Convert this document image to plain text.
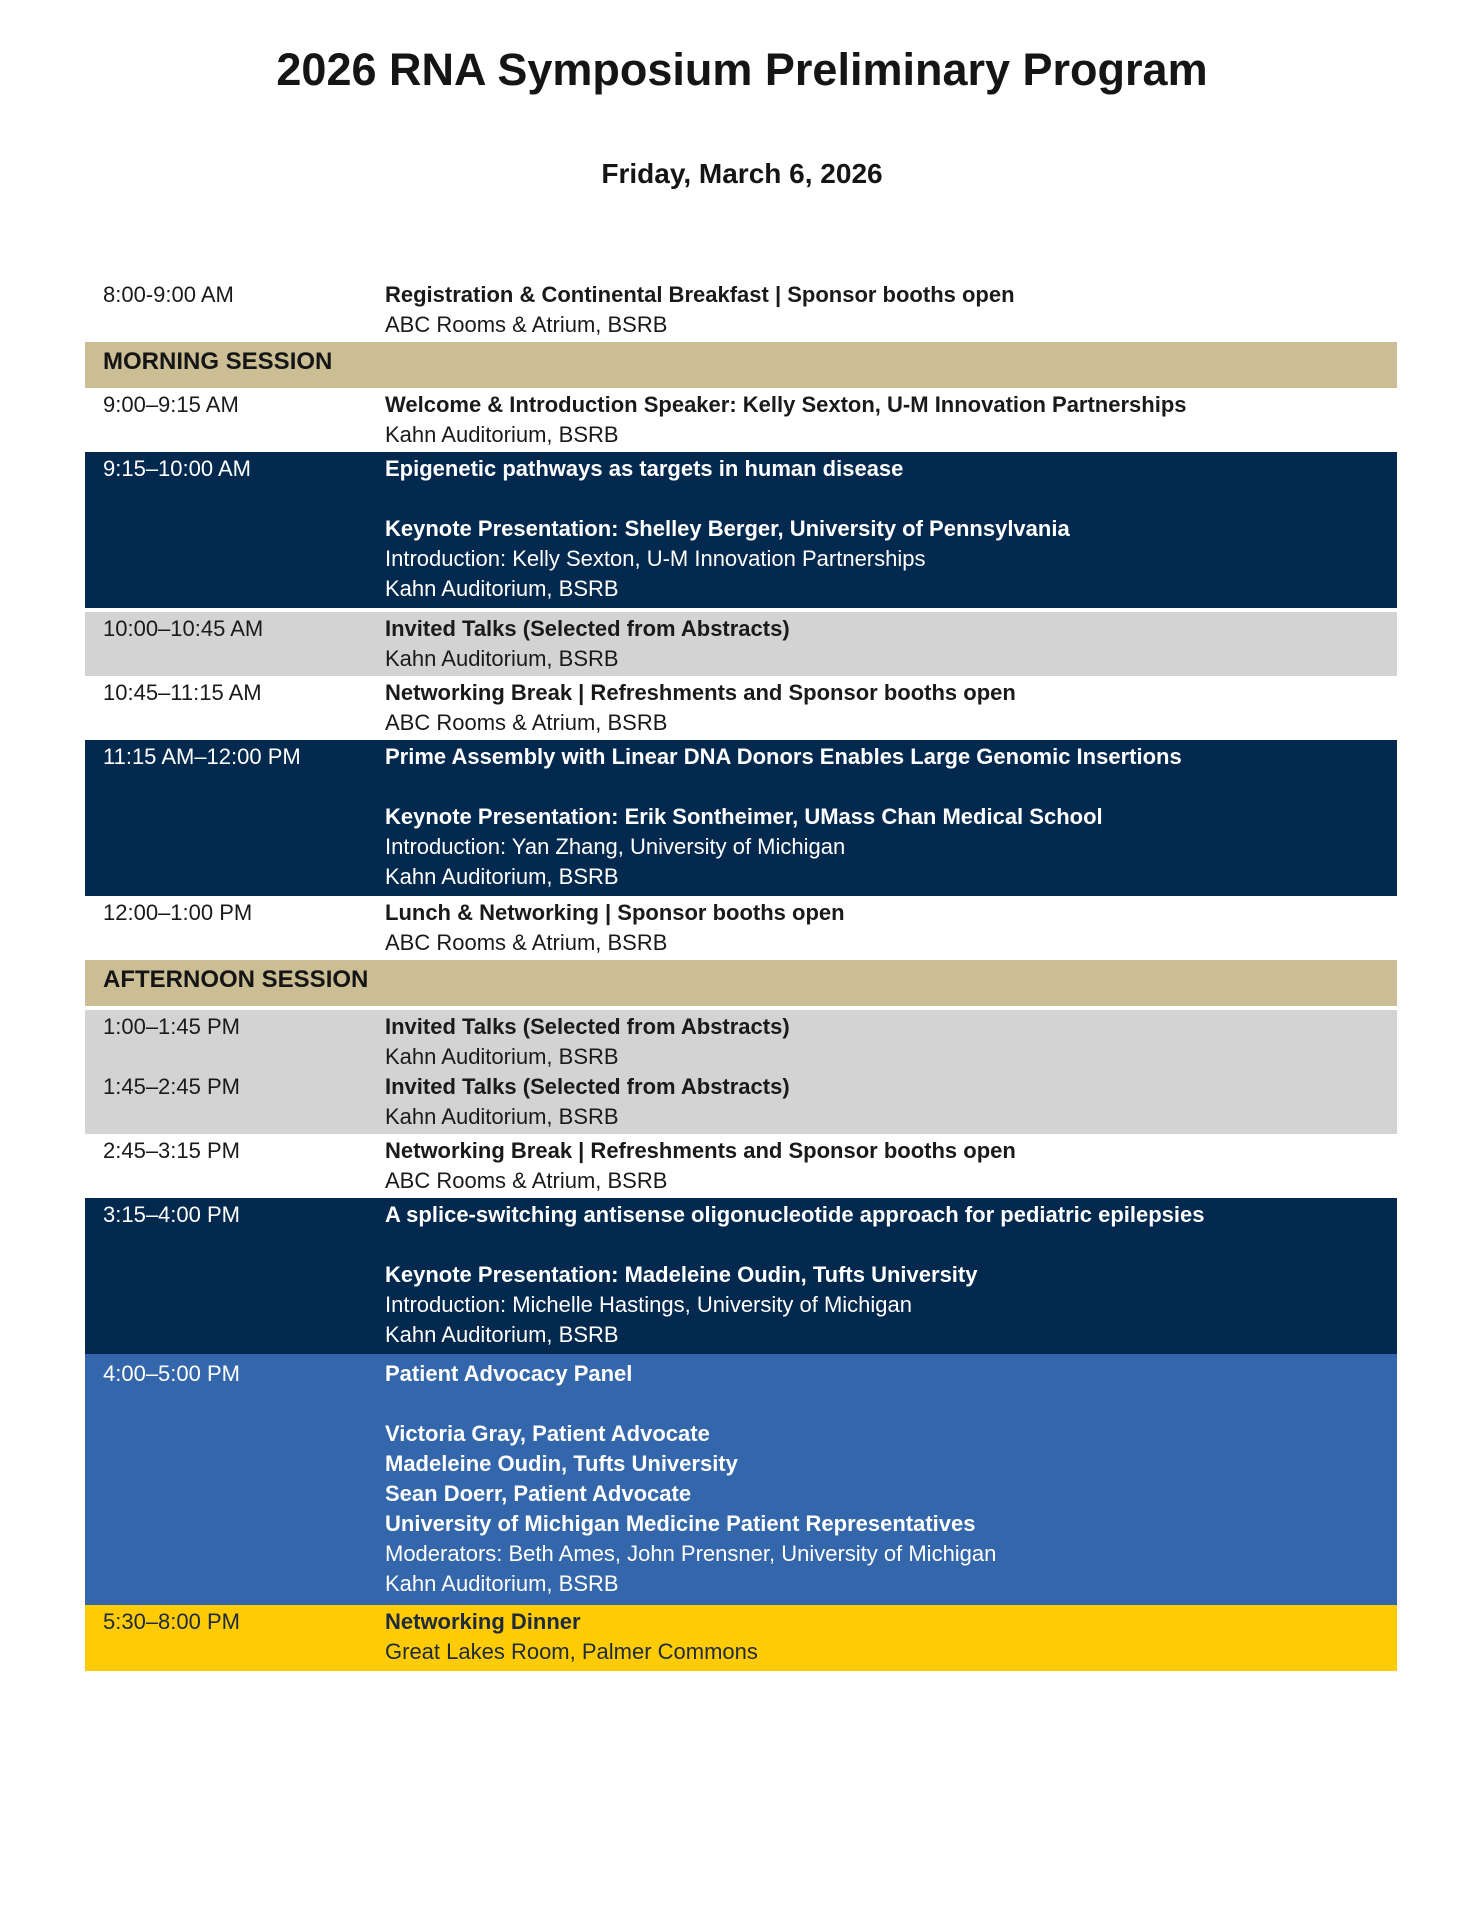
2026 RNA Symposium Preliminary Program
Friday, March 6, 2026
8:00-9:00 AM	Registration & Continental Breakfast | Sponsor booths open
ABC Rooms & Atrium, BSRB
MORNING SESSION
9:00–9:15 AM	Welcome & Introduction Speaker: Kelly Sexton, U-M Innovation Partnerships
Kahn Auditorium, BSRB
9:15–10:00 AM	Epigenetic pathways as targets in human disease
Keynote Presentation: Shelley Berger, University of Pennsylvania
Introduction: Kelly Sexton, U-M Innovation Partnerships
Kahn Auditorium, BSRB
10:00–10:45 AM	Invited Talks (Selected from Abstracts)
Kahn Auditorium, BSRB
10:45–11:15 AM	Networking Break | Refreshments and Sponsor booths open
ABC Rooms & Atrium, BSRB
11:15 AM–12:00 PM	Prime Assembly with Linear DNA Donors Enables Large Genomic Insertions
Keynote Presentation: Erik Sontheimer, UMass Chan Medical School
Introduction: Yan Zhang, University of Michigan
Kahn Auditorium, BSRB
12:00–1:00 PM	Lunch & Networking | Sponsor booths open
ABC Rooms & Atrium, BSRB
AFTERNOON SESSION
1:00–1:45 PM	Invited Talks (Selected from Abstracts)
Kahn Auditorium, BSRB
1:45–2:45 PM	Invited Talks (Selected from Abstracts)
Kahn Auditorium, BSRB
2:45–3:15 PM	Networking Break | Refreshments and Sponsor booths open
ABC Rooms & Atrium, BSRB
3:15–4:00 PM	A splice-switching antisense oligonucleotide approach for pediatric epilepsies
Keynote Presentation: Madeleine Oudin, Tufts University
Introduction: Michelle Hastings, University of Michigan
Kahn Auditorium, BSRB
4:00–5:00 PM	Patient Advocacy Panel
Victoria Gray, Patient Advocate
Madeleine Oudin, Tufts University
Sean Doerr, Patient Advocate
University of Michigan Medicine Patient Representatives
Moderators: Beth Ames, John Prensner, University of Michigan
Kahn Auditorium, BSRB
5:30–8:00 PM	Networking Dinner
Great Lakes Room, Palmer Commons
